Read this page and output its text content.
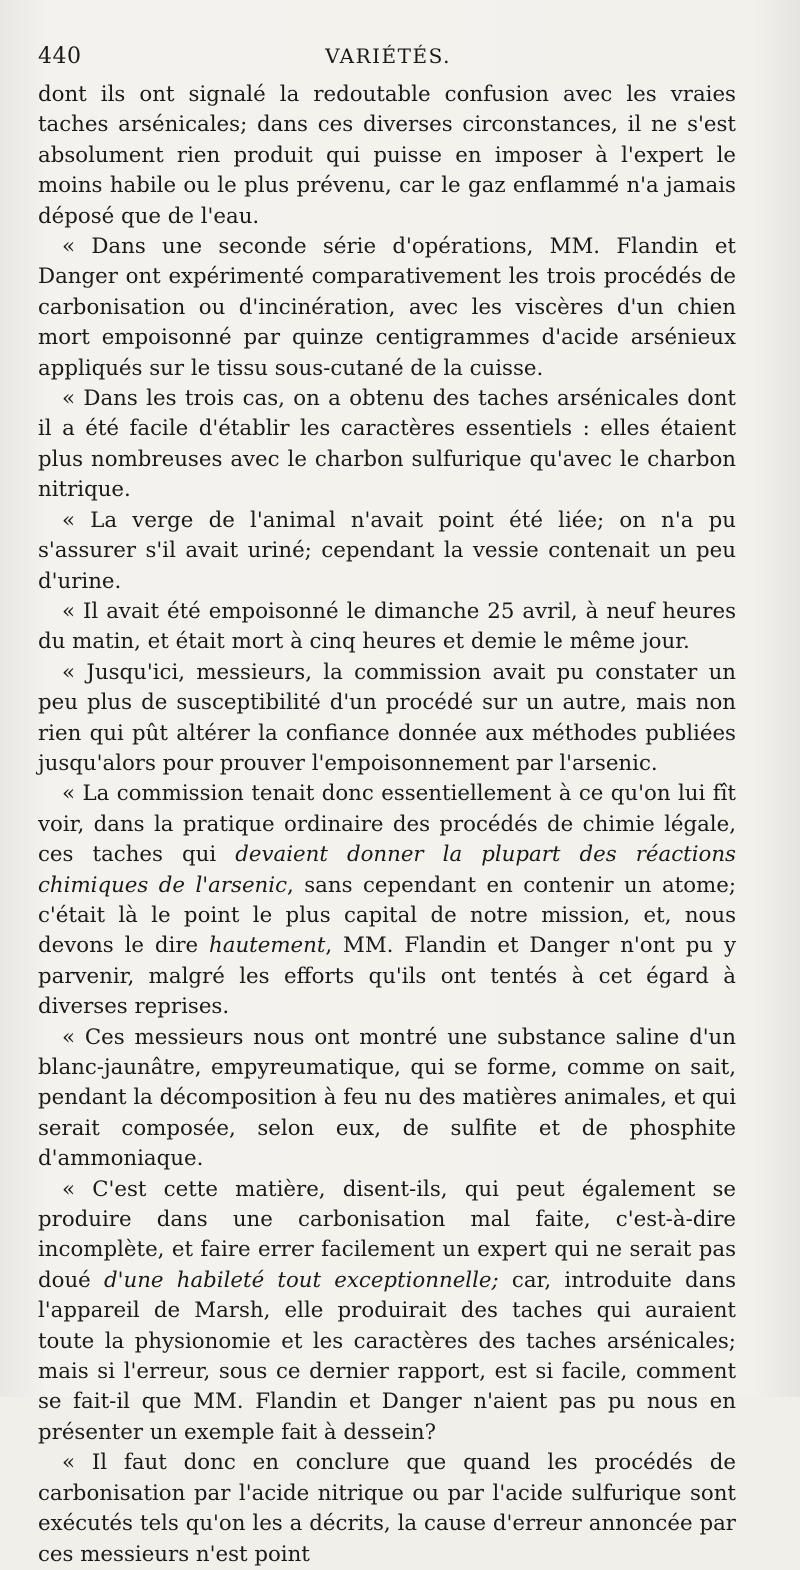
440	VARIÉTÉS.

dont ils ont signalé la redoutable confusion avec les vraies taches arsénicales; dans ces diverses circonstances, il ne s'est absolument rien produit qui puisse en imposer à l'expert le moins habile ou le plus prévenu, car le gaz enflammé n'a jamais déposé que de l'eau.

« Dans une seconde série d'opérations, MM. Flandin et Danger ont expérimenté comparativement les trois procédés de carbonisation ou d'incinération, avec les viscères d'un chien mort empoisonné par quinze centigrammes d'acide arsénieux appliqués sur le tissu sous-cutané de la cuisse.

« Dans les trois cas, on a obtenu des taches arsénicales dont il a été facile d'établir les caractères essentiels : elles étaient plus nombreuses avec le charbon sulfurique qu'avec le charbon nitrique.

« La verge de l'animal n'avait point été liée; on n'a pu s'assurer s'il avait uriné; cependant la vessie contenait un peu d'urine.

« Il avait été empoisonné le dimanche 25 avril, à neuf heures du matin, et était mort à cinq heures et demie le même jour.

« Jusqu'ici, messieurs, la commission avait pu constater un peu plus de susceptibilité d'un procédé sur un autre, mais non rien qui pût altérer la confiance donnée aux méthodes publiées jusqu'alors pour prouver l'empoisonnement par l'arsenic.

« La commission tenait donc essentiellement à ce qu'on lui fît voir, dans la pratique ordinaire des procédés de chimie légale, ces taches qui devaient donner la plupart des réactions chimiques de l'arsenic, sans cependant en contenir un atome; c'était là le point le plus capital de notre mission, et, nous devons le dire hautement, MM. Flandin et Danger n'ont pu y parvenir, malgré les efforts qu'ils ont tentés à cet égard à diverses reprises.

« Ces messieurs nous ont montré une substance saline d'un blanc-jaunâtre, empyreumatique, qui se forme, comme on sait, pendant la décomposition à feu nu des matières animales, et qui serait composée, selon eux, de sulfite et de phosphite d'ammoniaque.

« C'est cette matière, disent-ils, qui peut également se produire dans une carbonisation mal faite, c'est-à-dire incomplète, et faire errer facilement un expert qui ne serait pas doué d'une habileté tout exceptionnelle; car, introduite dans l'appareil de Marsh, elle produirait des taches qui auraient toute la physionomie et les caractères des taches arsénicales; mais si l'erreur, sous ce dernier rapport, est si facile, comment se fait-il que MM. Flandin et Danger n'aient pas pu nous en présenter un exemple fait à dessein?

« Il faut donc en conclure que quand les procédés de carbonisation par l'acide nitrique ou par l'acide sulfurique sont exécutés tels qu'on les a décrits, la cause d'erreur annoncée par ces messieurs n'est point
